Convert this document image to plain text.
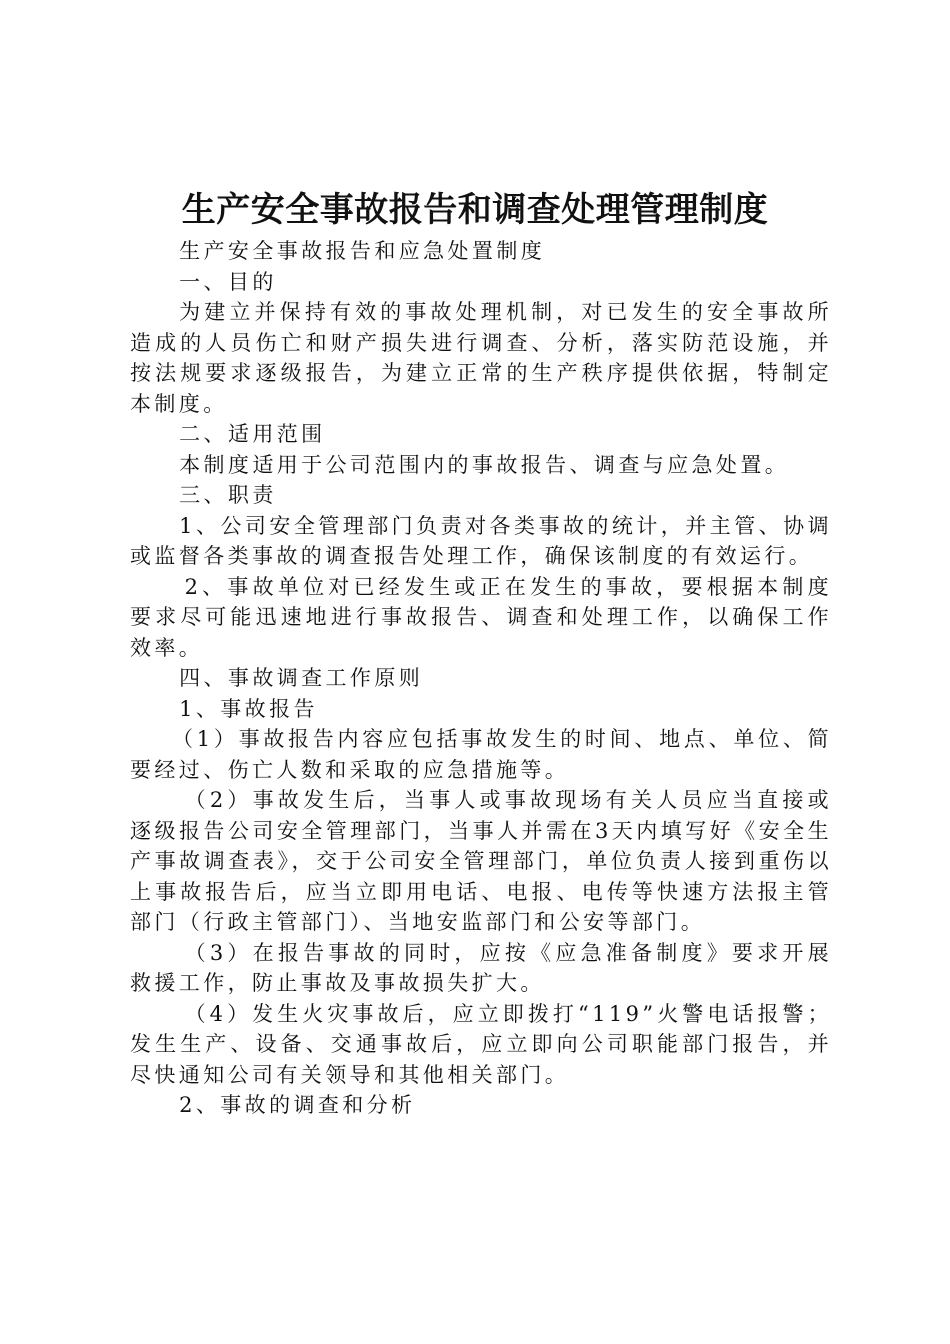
生产安全事故报告和调查处理管理制度

生产安全事故报告和应急处置制度

一、目的

为建立并保持有效的事故处理机制，对已发生的安全事故所造成的人员伤亡和财产损失进行调查、分析，落实防范设施，并按法规要求逐级报告，为建立正常的生产秩序提供依据，特制定本制度。

二、适用范围

本制度适用于公司范围内的事故报告、调查与应急处置。

三、职责

1、公司安全管理部门负责对各类事故的统计，并主管、协调或监督各类事故的调查报告处理工作，确保该制度的有效运行。

2、事故单位对已经发生或正在发生的事故，要根据本制度要求尽可能迅速地进行事故报告、调查和处理工作，以确保工作效率。

四、事故调查工作原则

1、事故报告

（1）事故报告内容应包括事故发生的时间、地点、单位、简要经过、伤亡人数和采取的应急措施等。

（2）事故发生后，当事人或事故现场有关人员应当直接或逐级报告公司安全管理部门，当事人并需在3天内填写好《安全生产事故调查表》，交于公司安全管理部门，单位负责人接到重伤以上事故报告后，应当立即用电话、电报、电传等快速方法报主管部门（行政主管部门）、当地安监部门和公安等部门。

（3）在报告事故的同时，应按《应急准备制度》要求开展救援工作，防止事故及事故损失扩大。

（4）发生火灾事故后，应立即拨打“119”火警电话报警；发生生产、设备、交通事故后，应立即向公司职能部门报告，并尽快通知公司有关领导和其他相关部门。

2、事故的调查和分析
